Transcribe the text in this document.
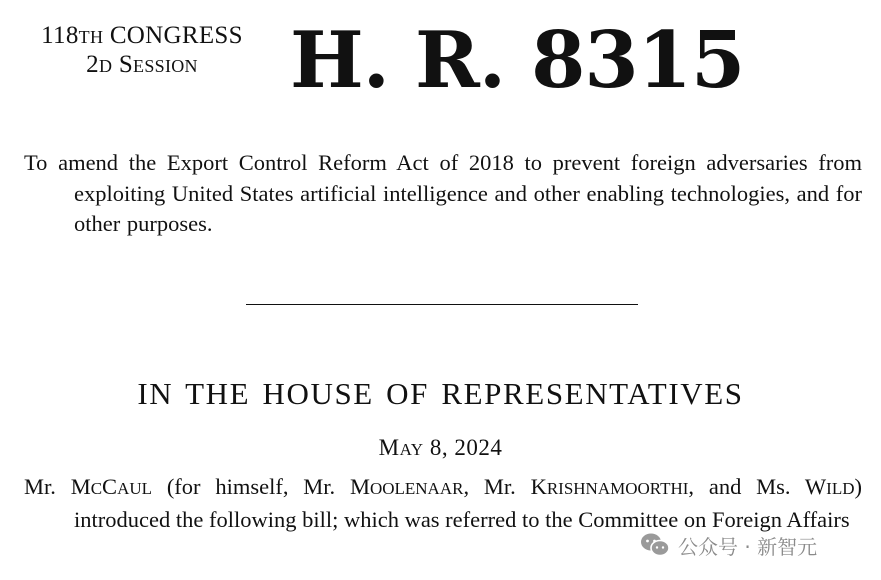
118TH CONGRESS
2D SESSION	H. R. 8315
To amend the Export Control Reform Act of 2018 to prevent foreign adversaries from exploiting United States artificial intelligence and other enabling technologies, and for other purposes.
IN THE HOUSE OF REPRESENTATIVES
MAY 8, 2024
Mr. MCCAUL (for himself, Mr. MOOLENAAR, Mr. KRISHNAMOORTHI, and Ms. WILD) introduced the following bill; which was referred to the Committee on Foreign Affairs
公众号 · 新智元
